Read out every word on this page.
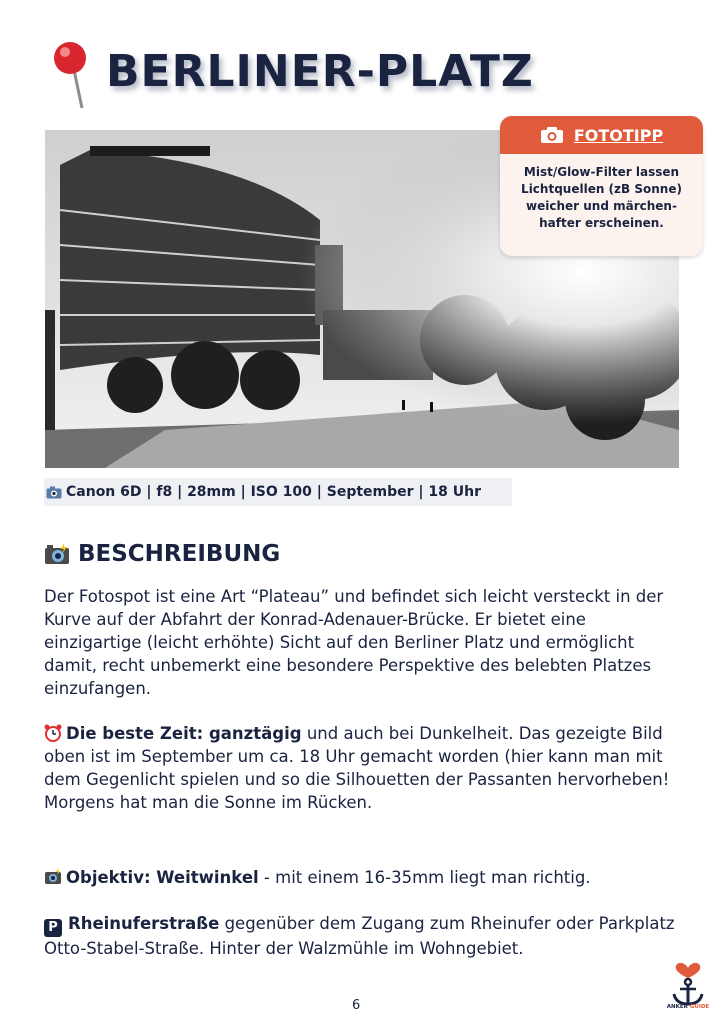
BERLINER-PLATZ
FOTOTIPP
Mist/Glow-Filter lassen
Lichtquellen (zB Sonne)
weicher und märchen-
hafter erscheinen.
Canon 6D | f8 | 28mm | ISO 100 | September | 18 Uhr
BESCHREIBUNG
Der Fotospot ist eine Art “Plateau” und befindet sich leicht versteckt in der Kurve auf der Abfahrt der Konrad-Adenauer-Brücke. Er bietet eine einzigartige (leicht erhöhte) Sicht auf den Berliner Platz und ermöglicht damit, recht unbemerkt eine besondere Perspektive des belebten Platzes einzufangen.
Die beste Zeit: ganztägig und auch bei Dunkelheit. Das gezeigte Bild oben ist im September um ca. 18 Uhr gemacht worden (hier kann man mit dem Gegenlicht spielen und so die Silhouetten der Passanten hervorheben! Morgens hat man die Sonne im Rücken.
Objektiv: Weitwinkel - mit einem 16-35mm liegt man richtig.
P Rheinuferstraße gegenüber dem Zugang zum Rheinufer oder Parkplatz Otto-Stabel-Straße. Hinter der Walzmühle im Wohngebiet.
6	ANKER GUIDE
